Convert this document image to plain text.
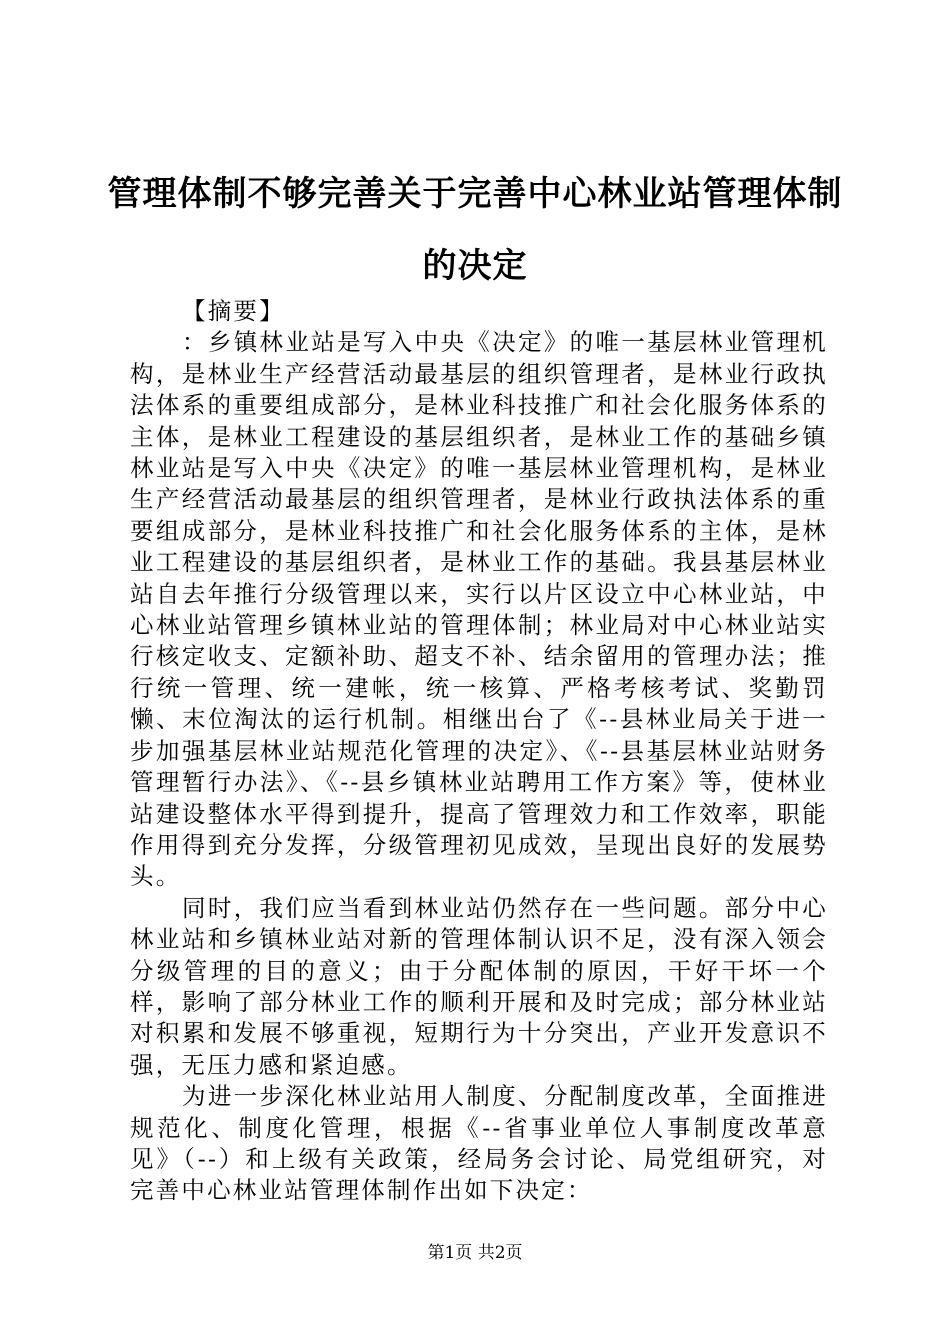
管理体制不够完善关于完善中心林业站管理体制的决定

【摘要】

：乡镇林业站是写入中央《决定》的唯一基层林业管理机构，是林业生产经营活动最基层的组织管理者，是林业行政执法体系的重要组成部分，是林业科技推广和社会化服务体系的主体，是林业工程建设的基层组织者，是林业工作的基础乡镇林业站是写入中央《决定》的唯一基层林业管理机构，是林业生产经营活动最基层的组织管理者，是林业行政执法体系的重要组成部分，是林业科技推广和社会化服务体系的主体，是林业工程建设的基层组织者，是林业工作的基础。我县基层林业站自去年推行分级管理以来，实行以片区设立中心林业站，中心林业站管理乡镇林业站的管理体制；林业局对中心林业站实行核定收支、定额补助、超支不补、结余留用的管理办法；推行统一管理、统一建帐，统一核算、严格考核考试、奖勤罚懒、末位淘汰的运行机制。相继出台了《--县林业局关于进一步加强基层林业站规范化管理的决定》、《--县基层林业站财务管理暂行办法》、《--县乡镇林业站聘用工作方案》等，使林业站建设整体水平得到提升，提高了管理效力和工作效率，职能作用得到充分发挥，分级管理初见成效，呈现出良好的发展势头。

同时，我们应当看到林业站仍然存在一些问题。部分中心林业站和乡镇林业站对新的管理体制认识不足，没有深入领会分级管理的目的意义；由于分配体制的原因，干好干坏一个样，影响了部分林业工作的顺利开展和及时完成；部分林业站对积累和发展不够重视，短期行为十分突出，产业开发意识不强，无压力感和紧迫感。

为进一步深化林业站用人制度、分配制度改革，全面推进规范化、制度化管理，根据《--省事业单位人事制度改革意见》（--）和上级有关政策，经局务会讨论、局党组研究，对完善中心林业站管理体制作出如下决定：

第1页 共2页
